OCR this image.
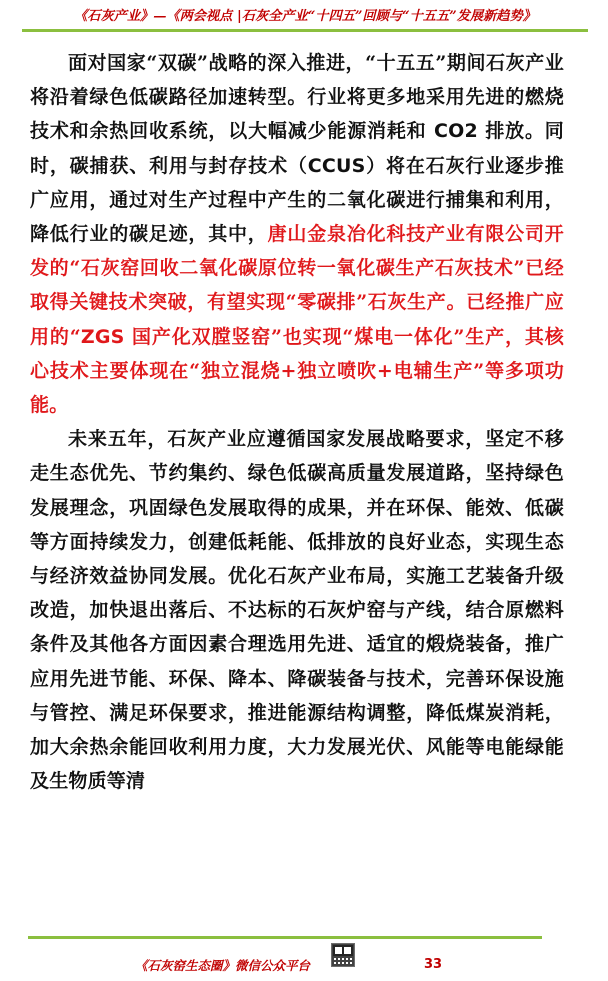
《石灰产业》—《两会视点 |石灰全产业“十四五”回顾与“十五五”发展新趋势》

面对国家“双碳”战略的深入推进，“十五五”期间石灰产业将沿着绿色低碳路径加速转型。行业将更多地采用先进的燃烧技术和余热回收系统，以大幅减少能源消耗和 CO2 排放。同时，碳捕获、利用与封存技术（CCUS）将在石灰行业逐步推广应用，通过对生产过程中产生的二氧化碳进行捕集和利用，降低行业的碳足迹，其中，唐山金泉冶化科技产业有限公司开发的“石灰窑回收二氧化碳原位转一氧化碳生产石灰技术”已经取得关键技术突破，有望实现“零碳排”石灰生产。已经推广应用的“ZGS 国产化双膛竖窑”也实现“煤电一体化”生产，其核心技术主要体现在“独立混烧+独立喷吹+电辅生产”等多项功能。

未来五年，石灰产业应遵循国家发展战略要求，坚定不移走生态优先、节约集约、绿色低碳高质量发展道路，坚持绿色发展理念，巩固绿色发展取得的成果，并在环保、能效、低碳等方面持续发力，创建低耗能、低排放的良好业态，实现生态与经济效益协同发展。优化石灰产业布局，实施工艺装备升级改造，加快退出落后、不达标的石灰炉窑与产线，结合原燃料条件及其他各方面因素合理选用先进、适宜的煅烧装备，推广应用先进节能、环保、降本、降碳装备与技术，完善环保设施与管控、满足环保要求，推进能源结构调整，降低煤炭消耗，加大余热余能回收利用力度，大力发展光伏、风能等电能绿能及生物质等清

《石灰窑生态圈》微信公众平台	33
